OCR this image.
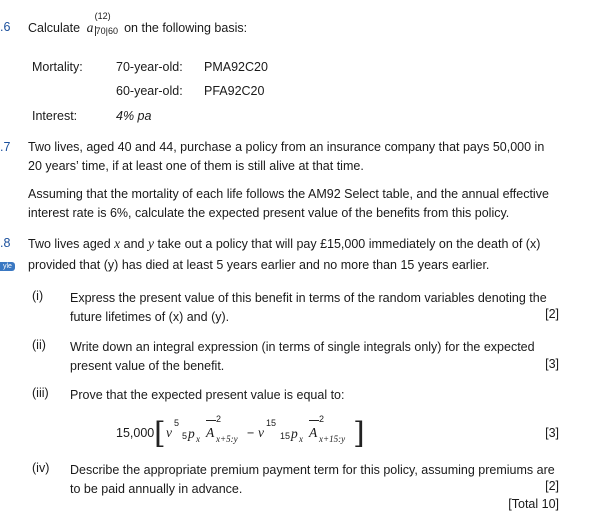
.6 Calculate a
(12)
70|60 on the following basis:
Mortality:	70-year-old: PMA92C20
60-year-old: PFA92C20
Interest:	4% pa
.7 Two lives, aged 40 and 44, purchase a policy from an insurance company that pays 50,000 in
20 years’ time, if at least one of them is still alive at that time.
Assuming that the mortality of each life follows the AM92 Select table, and the annual effective
interest rate is 6%, calculate the expected present value of the benefits from this policy.
.8
yle
Two lives aged x and y take out a policy that will pay £15,000 immediately on the death of (x)
provided that (y) has died at least 5 years earlier and no more than 15 years earlier.
(i) Express the present value of this benefit in terms of the random variables denoting the
future lifetimes of (x) and (y).	[2]
(ii) Write down an integral expression (in terms of single integrals only) for the expected
present value of the benefit.	[3]
(iii) Prove that the expected present value is equal to:
15,000 [ v
5
5 p x A
2
x+5:y − v
15
15 p x A
2
x+15:y ]	[3]
(iv) Describe the appropriate premium payment term for this policy, assuming premiums are
to be paid annually in advance.	[2]
[Total 10]
